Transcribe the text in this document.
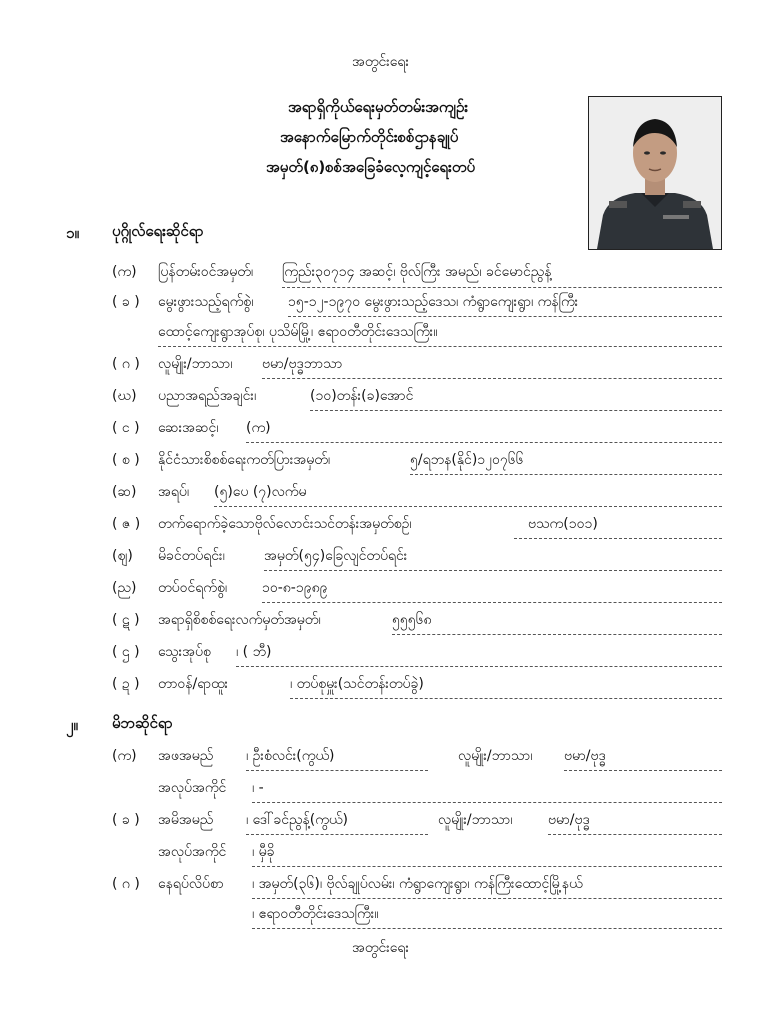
အတွင်းရေး
အရာရှိကိုယ်ရေးမှတ်တမ်းအကျဉ်း
အနောက်မြောက်တိုင်းစစ်ဌာနချုပ်
အမှတ်(၈)စစ်အခြေခံလေ့ကျင့်ရေးတပ်
၁။ ပုဂ္ဂိုလ်ရေးဆိုင်ရာ
(က) ပြန်တမ်းဝင်အမှတ်၊ ကြည်း၃၀၇၁၄ အဆင့်၊ ဗိုလ်ကြီး အမည်၊ ခင်မောင်ညွန့်
( ခ ) မွေးဖွားသည့်ရက်စွဲ၊ ၁၅-၁၂-၁၉၇၀ မွေးဖွားသည့်ဒေသ၊ ကံရွာကျေးရွာ၊ ကန်ကြီး
ထောင့်ကျေးရွာအုပ်စု၊ ပုသိမ်မြို့၊ ဧရာဝတီတိုင်းဒေသကြီး။
( ဂ ) လူမျိုး/ဘာသာ၊ ဗမာ/ဗုဒ္ဓဘာသာ
(ဃ) ပညာအရည်အချင်း၊	(၁၀)တန်း(ခ)အောင်
( င ) ဆေးအဆင့်၊ (က)
( စ ) နိုင်ငံသားစိစစ်ရေးကတ်ပြားအမှတ်၊	၅/ရဘန(နိုင်)၁၂၀၇၆၆
(ဆ) အရပ်၊ (၅)ပေ (၇)လက်မ
( ဇ ) တက်ရောက်ခဲ့သောဗိုလ်လောင်းသင်တန်းအမှတ်စဉ်၊	ဗသက(၁၀၁)
(ဈ) မိခင်တပ်ရင်း၊	အမှတ်(၅၄)ခြေလျင်တပ်ရင်း
(ည) တပ်ဝင်ရက်စွဲ၊ ၁၀-၈-၁၉၈၉
( ဋ ) အရာရှိစိစစ်ရေးလက်မှတ်အမှတ်၊	၅၅၅၆၈
( ဌ ) သွေးအုပ်စု ၊ ( ဘီ)
( ဍ ) တာဝန်/ရာထူး	၊ တပ်စုမှူး(သင်တန်းတပ်ခွဲ)
၂။ မိဘဆိုင်ရာ
(က) အဖအမည် ၊ ဦးစံလင်း(ကွယ်)	လူမျိုး/ဘာသာ၊ ဗမာ/ဗုဒ္ဓ
အလုပ်အကိုင် ၊ -
( ခ ) အမိအမည် ၊ ဒေါ်ခင်ညွန့်(ကွယ်)	လူမျိုး/ဘာသာ၊	ဗမာ/ဗုဒ္ဓ
အလုပ်အကိုင် ၊ မှီခို
( ဂ ) နေရပ်လိပ်စာ ၊ အမှတ်(၃၆)၊ ဗိုလ်ချုပ်လမ်း၊ ကံရွာကျေးရွာ၊ ကန်ကြီးထောင့်မြို့နယ်
၊ ဧရာဝတီတိုင်းဒေသကြီး။
အတွင်းရေး
